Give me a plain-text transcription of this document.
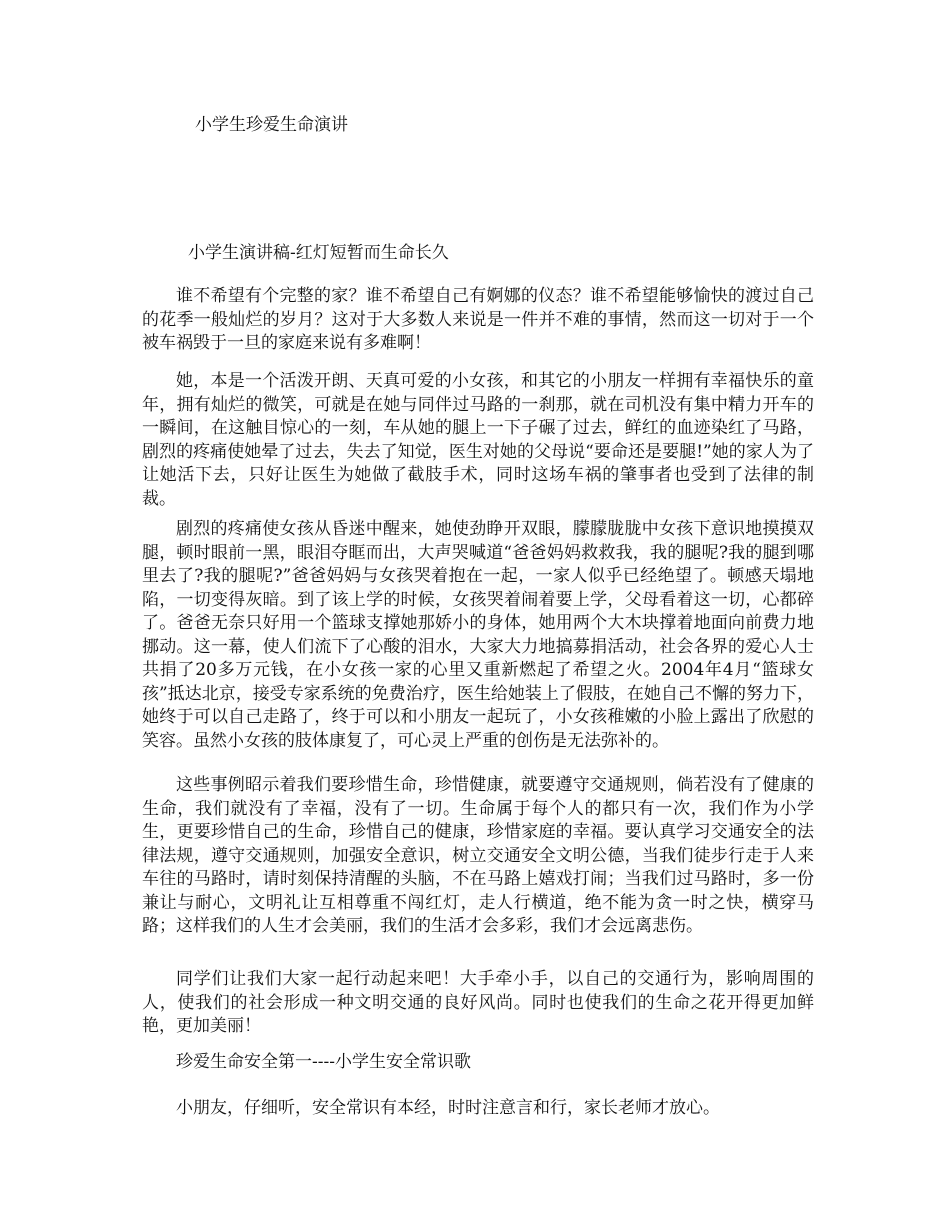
小学生珍爱生命演讲
小学生演讲稿-红灯短暂而生命长久

谁不希望有个完整的家？谁不希望自己有婀娜的仪态？谁不希望能够愉快的渡过自己的花季一般灿烂的岁月？这对于大多数人来说是一件并不难的事情，然而这一切对于一个被车祸毁于一旦的家庭来说有多难啊！

她，本是一个活泼开朗、天真可爱的小女孩，和其它的小朋友一样拥有幸福快乐的童年，拥有灿烂的微笑，可就是在她与同伴过马路的一刹那，就在司机没有集中精力开车的一瞬间，在这触目惊心的一刻，车从她的腿上一下子碾了过去，鲜红的血迹染红了马路，剧烈的疼痛使她晕了过去，失去了知觉，医生对她的父母说“要命还是要腿!”她的家人为了让她活下去，只好让医生为她做了截肢手术，同时这场车祸的肇事者也受到了法律的制裁。

剧烈的疼痛使女孩从昏迷中醒来，她使劲睁开双眼，朦朦胧胧中女孩下意识地摸摸双腿，顿时眼前一黑，眼泪夺眶而出，大声哭喊道“爸爸妈妈救救我，我的腿呢?我的腿到哪里去了?我的腿呢?”爸爸妈妈与女孩哭着抱在一起，一家人似乎已经绝望了。顿感天塌地陷，一切变得灰暗。到了该上学的时候，女孩哭着闹着要上学，父母看着这一切，心都碎了。爸爸无奈只好用一个篮球支撑她那娇小的身体，她用两个大木块撑着地面向前费力地挪动。这一幕，使人们流下了心酸的泪水，大家大力地搞募捐活动，社会各界的爱心人士共捐了20多万元钱，在小女孩一家的心里又重新燃起了希望之火。2004年4月“篮球女孩”抵达北京，接受专家系统的免费治疗，医生给她装上了假肢，在她自己不懈的努力下，她终于可以自己走路了，终于可以和小朋友一起玩了，小女孩稚嫩的小脸上露出了欣慰的笑容。虽然小女孩的肢体康复了，可心灵上严重的创伤是无法弥补的。

这些事例昭示着我们要珍惜生命，珍惜健康，就要遵守交通规则，倘若没有了健康的生命，我们就没有了幸福，没有了一切。生命属于每个人的都只有一次，我们作为小学生，更要珍惜自己的生命，珍惜自己的健康，珍惜家庭的幸福。要认真学习交通安全的法律法规，遵守交通规则，加强安全意识，树立交通安全文明公德，当我们徒步行走于人来车往的马路时，请时刻保持清醒的头脑，不在马路上嬉戏打闹；当我们过马路时，多一份兼让与耐心，文明礼让互相尊重不闯红灯，走人行横道，绝不能为贪一时之快，横穿马路；这样我们的人生才会美丽，我们的生活才会多彩，我们才会远离悲伤。

同学们让我们大家一起行动起来吧！大手牵小手，以自己的交通行为，影响周围的人，使我们的社会形成一种文明交通的良好风尚。同时也使我们的生命之花开得更加鲜艳，更加美丽！

珍爱生命安全第一----小学生安全常识歌

小朋友，仔细听，安全常识有本经，时时注意言和行，家长老师才放心。
